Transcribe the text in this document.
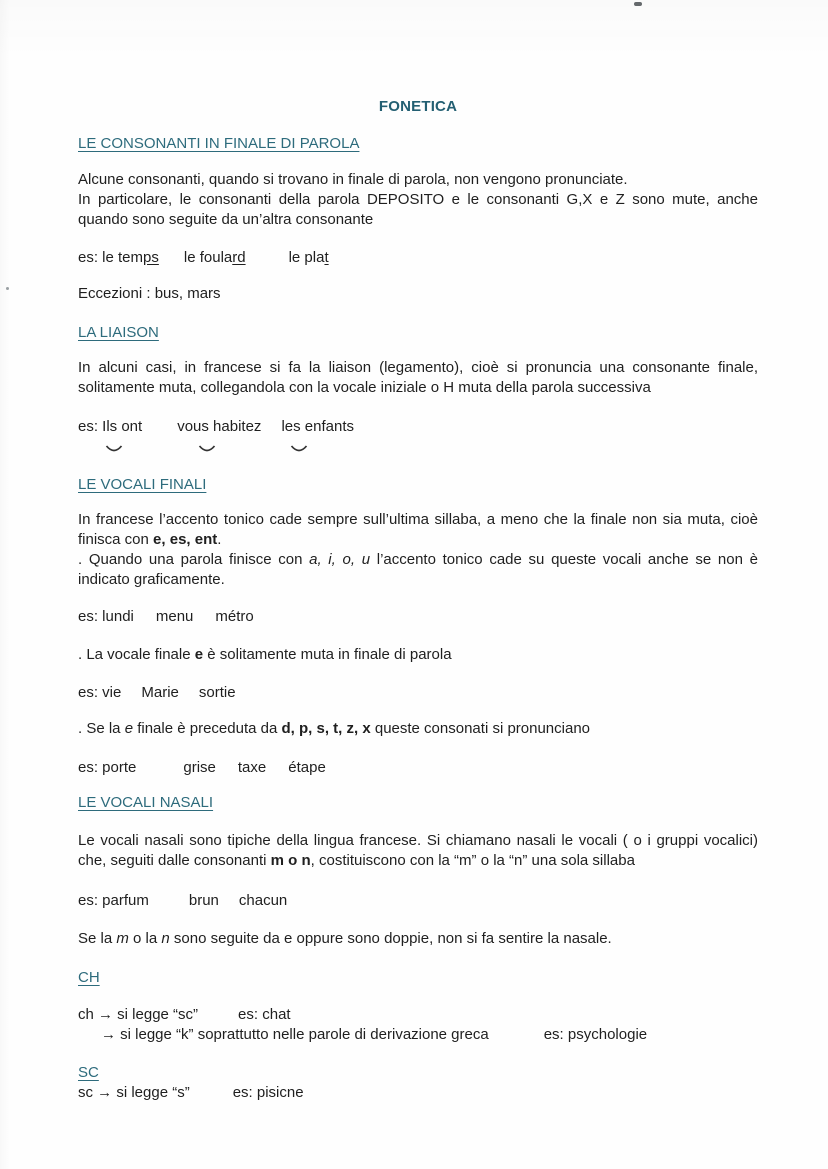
FONETICA
LE CONSONANTI IN FINALE DI PAROLA

Alcune consonanti, quando si trovano in finale di parola, non vengono pronunciate.
In particolare, le consonanti della parola DEPOSITO e le consonanti G,X e Z sono mute, anche quando sono seguite da un’altra consonante

es: le temps le foulard	le plat

Eccezioni : bus, mars

LA LIAISON

In alcuni casi, in francese si fa la liaison (legamento), cioè si pronuncia una consonante finale, solitamente muta, collegandola con la vocale iniziale o H muta della parola successiva

es: Ils ont vous habitez les enfants

LE VOCALI FINALI

In francese l’accento tonico cade sempre sull’ultima sillaba, a meno che la finale non sia muta, cioè finisca con e, es, ent.
. Quando una parola finisce con a, i, o, u l’accento tonico cade su queste vocali anche se non è indicato graficamente.

es: lundi menu métro

. La vocale finale e è solitamente muta in finale di parola

es: vie Marie sortie

. Se la e finale è preceduta da d, p, s, t, z, x queste consonati si pronunciano

es: porte	grise taxe étape

LE VOCALI NASALI

Le vocali nasali sono tipiche della lingua francese. Si chiamano nasali le vocali ( o i gruppi vocalici) che, seguiti dalle consonanti m o n, costituiscono con la “m” o la “n” una sola sillaba

es: parfum	brun chacun

Se la m o la n sono seguite da e oppure sono doppie, non si fa sentire la nasale.

CH

ch → si legge “sc”	es: chat

→ si legge “k” soprattutto nelle parole di derivazione greca	es: psychologie

SC

sc → si legge “s”	es: pisicne
